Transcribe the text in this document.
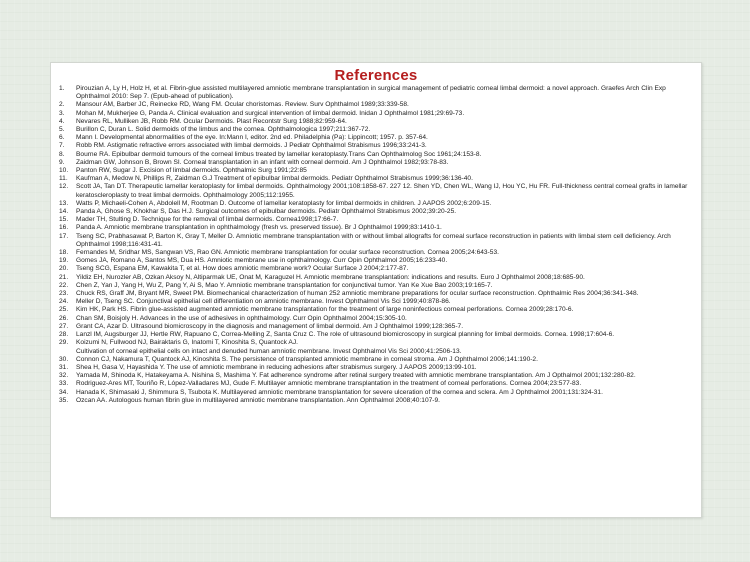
References
1.	Pirouzian A, Ly H, Holz H, et al. Fibrin-glue assisted multilayered amniotic membrane transplantation in surgical management of pediatric corneal limbal dermoid: a novel approach. Graefes Arch Clin Exp Ophthalmol 2010: Sep 7. (Epub-ahead of publication).
2.	Mansour AM, Barber JC, Reinecke RD, Wang FM. Ocular choristomas. Review. Surv Ophthalmol 1989;33:339-58.
3.	Mohan M, Mukherjee G, Panda A. Clinical evaluation and surgical intervention of limbal dermoid. Inidan J Ophthalmol 1981;29:69-73.
4.	Nevares RL, Mulliken JB, Robb RM. Ocular Dermoids. Plast Recontstr Surg 1988;82:959-64.
5.	Burillon C, Duran L. Solid dermoids of the limbus and the cornea. Ophthalmologica 1997;211:367-72.
6.	Mann I. Developmental abnormalities of the eye. In:Mann I, editor. 2nd ed. Philadelphia (Pa): Lippincott; 1957. p. 357-64.
7.	Robb RM. Astigmatic refractive errors associated with limbal dermoids. J Pediatr Ophthalmol Strabismus 1996;33:241-3.
8.	Bourne RA. Epibulbar dermoid tumours of the corneal limbus treated by lamellar keratoplasty.Trans Can Ophthalmolog Soc 1961;24:153-8.
9.	Zaidman GW, Johnson B, Brown SI. Corneal transplantation in an infant with corneal dermoid. Am J Ophthalmol 1982;93:78-83.
10.	Panton RW, Sugar J. Excision of limbal dermoids. Ophthalmic Surg 1991;22:85
11.	Kaufman A, Medow N, Phillips R, Zaidman G.J Treatment of epibulbar limbal dermoids. Pediatr Ophthalmol Strabismus 1999;36:136-40.
12.	Scott JA, Tan DT. Therapeutic lamellar keratoplasty for limbal dermoids. Ophthalmology 2001;108:1858-67. 227 12. Shen YD, Chen WL, Wang IJ, Hou YC, Hu FR. Full-thickness central corneal grafts in lamellar keratoscleroplasty to treat limbal dermoids. Ophthalmology 2005;112:1955.
13.	Watts P, Michaeli-Cohen A, Abdolell M, Rootman D. Outcome of lamellar keratoplasty for limbal dermoids in children. J AAPOS 2002;6:209-15.
14.	Panda A, Ghose S, Khokhar S, Das H.J. Surgical outcomes of epibulbar dermoids. Pediatr Ophthalmol Strabismus 2002;39:20-25.
15.	Mader TH, Stulting D. Technique for the removal of limbal dermoids. Cornea1998;17:66-7.
16.	Panda A. Amniotic membrane transplantation in ophthalmology (fresh vs. preserved tissue). Br J Ophthalmol 1999;83:1410-1.
17.	Tseng SC, Prabhasawat P, Barton K, Gray T, Meller D. Amniotic membrane transplantation with or without limbal allografts for corneal surface reconstruction in patients with limbal stem cell deficiency. Arch Ophthalmol 1998;116:431-41.
18.	Fernandes M, Sridhar MS, Sangwan VS, Rao GN. Amniotic membrane transplantation for ocular surface reconstruction. Cornea 2005;24:643-53.
19.	Gomes JA, Romano A, Santos MS, Dua HS. Amniotic membrane use in ophthalmology. Curr Opin Ophthalmol 2005;16:233-40.
20.	Tseng SCG, Espana EM, Kawakita T, et al. How does amniotic membrane work? Ocular Surface J 2004;2:177-87.
21.	Yildiz EH, Nurozler AB, Ozkan Aksoy N, Altiparmak UE, Onat M, Karaguzel H. Amniotic membrane transplantation: indications and results. Euro J Ophthalmol 2008;18:685-90.
22.	Chen Z, Yan J, Yang H, Wu Z, Pang Y, Ai S, Mao Y. Amniotic membrane transplantation for conjunctival tumor. Yan Ke Xue Bao 2003;19:165-7.
23.	Chuck RS, Graff JM, Bryant MR, Sweet PM. Biomechanical characterization of human 252 amniotic membrane preparations for ocular surface reconstruction. Ophthalmic Res 2004;36:341-348.
24.	Meller D, Tseng SC. Conjunctival epithelial cell differentiation on amniotic membrane. Invest Ophthalmol Vis Sci 1999;40:878-86.
25.	Kim HK, Park HS. Fibrin glue-assisted augmented amniotic membrane transplantation for the treatment of large noninfectious corneal perforations. Cornea 2009;28:170-6.
26.	Chan SM, Boisjoly H. Advances in the use of adhesives in ophthalmology. Curr Opin Ophthalmol 2004;15:305-10.
27.	Grant CA, Azar D. Ultrasound biomicroscopy in the diagnosis and management of limbal dermoid. Am J Ophthalmol 1999;128:365-7.
28.	Lanzl IM, Augsburger JJ, Hertle RW, Rapuano C, Correa-Melling Z, Santa Cruz C. The role of ultrasound biomicroscopy in surgical planning for limbal dermoids. Cornea. 1998;17:604-6.
29.	Koizumi N, Fullwood NJ, Bairaktaris G, Inatomi T, Kinoshita S, Quantock AJ.
Cultivation of corneal epithelial cells on intact and denuded human amniotic membrane. Invest Ophthalmol Vis Sci 2000;41:2506-13.
30.	Connon CJ, Nakamura T, Quantock AJ, Kinoshita S. The persistence of transplanted amniotic membrane in corneal stroma. Am J Ophthalmol 2006;141:190-2.
31.	Shea H, Gasa V, Hayashida Y. The use of amniotic membrane in reducing adhesions after strabismus surgery. J AAPOS 2009;13:99-101.
32.	Yamada M, Shinoda K, Hatakeyama A. Nishina S, Mashima Y. Fat adherence syndrome after retinal surgery treated with amniotic membrane transplantation. Am J Opthalmol 2001;132:280-82.
33.	Rodriguez-Ares MT, Touriño R, López-Valladares MJ, Gude F. Multilayer amniotic membrane transplantation in the treatment of corneal perforations. Cornea 2004;23:577-83.
34.	Hanada K, Shimasaki J, Shimmura S, Tsubota K. Multilayered amniotic membrane transplantation for severe ulceration of the cornea and sclera. Am J Ophthalmol 2001;131:324-31.
35.	Ozcan AA. Autologous human fibrin glue in multilayered amniotic membrane transplantation. Ann Ophthalmol 2008;40:107-9.
